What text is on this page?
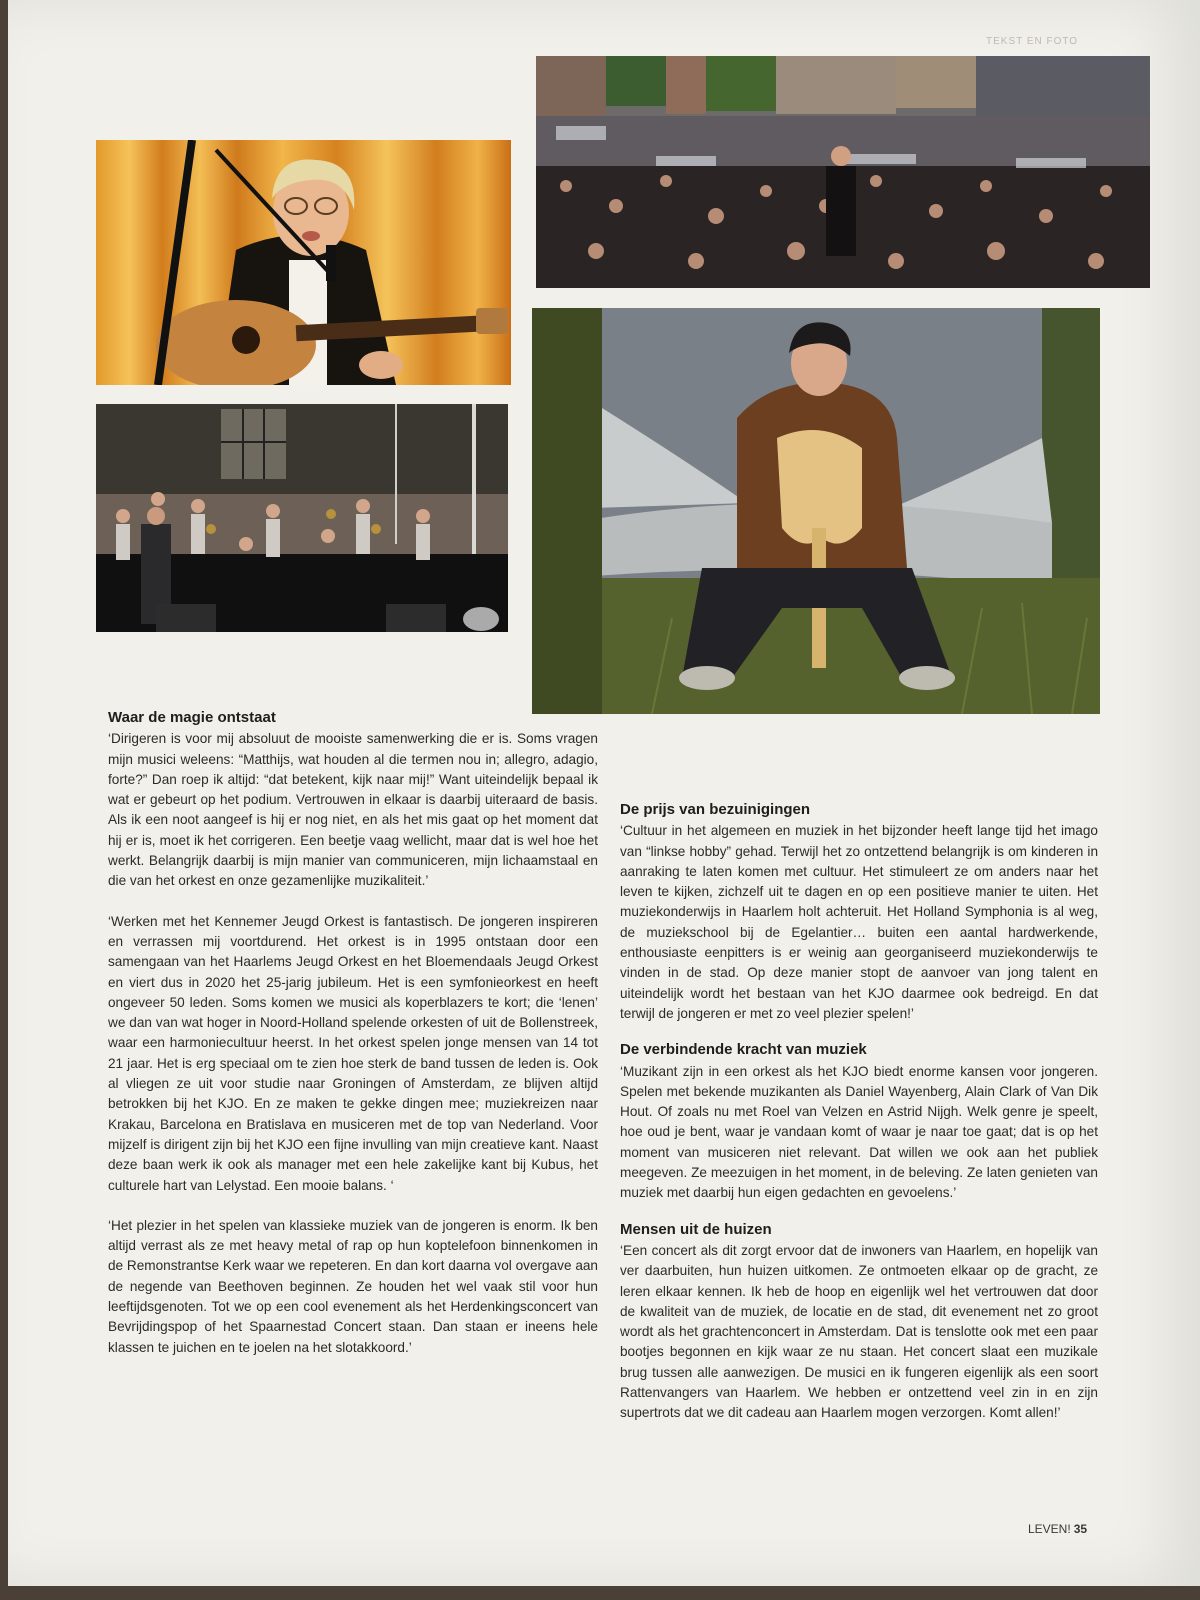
TEKST EN FOTO
Waar de magie ontstaat

‘Dirigeren is voor mij absoluut de mooiste samenwerking die er is. Soms vragen mijn musici weleens: “Matthijs, wat houden al die termen nou in; allegro, adagio, forte?” Dan roep ik altijd: “dat betekent, kijk naar mij!” Want uiteindelijk bepaal ik wat er gebeurt op het podium. Vertrouwen in elkaar is daarbij uiteraard de basis. Als ik een noot aangeef is hij er nog niet, en als het mis gaat op het moment dat hij er is, moet ik het corrigeren. Een beetje vaag wellicht, maar dat is wel hoe het werkt. Belangrijk daarbij is mijn manier van communiceren, mijn lichaamstaal en die van het orkest en onze gezamenlijke muzikaliteit.’

‘Werken met het Kennemer Jeugd Orkest is fantastisch. De jongeren inspireren en verrassen mij voortdurend. Het orkest is in 1995 ontstaan door een samengaan van het Haarlems Jeugd Orkest en het Bloemendaals Jeugd Orkest en viert dus in 2020 het 25-jarig jubileum. Het is een symfonieorkest en heeft ongeveer 50 leden. Soms komen we musici als koperblazers te kort; die ‘lenen’ we dan van wat hoger in Noord-Holland spelende orkesten of uit de Bollenstreek, waar een harmoniecultuur heerst. In het orkest spelen jonge mensen van 14 tot 21 jaar. Het is erg speciaal om te zien hoe sterk de band tussen de leden is. Ook al vliegen ze uit voor studie naar Groningen of Amsterdam, ze blijven altijd betrokken bij het KJO. En ze maken te gekke dingen mee; muziekreizen naar Krakau, Barcelona en Bratislava en musiceren met de top van Nederland. Voor mijzelf is dirigent zijn bij het KJO een fijne invulling van mijn creatieve kant. Naast deze baan werk ik ook als manager met een hele zakelijke kant bij Kubus, het culturele hart van Lelystad. Een mooie balans. ‘

‘Het plezier in het spelen van klassieke muziek van de jongeren is enorm. Ik ben altijd verrast als ze met heavy metal of rap op hun koptelefoon binnenkomen in de Remonstrantse Kerk waar we repeteren. En dan kort daarna vol overgave aan de negende van Beethoven beginnen. Ze houden het wel vaak stil voor hun leeftijdsgenoten. Tot we op een cool evenement als het Herdenkingsconcert van Bevrijdingspop of het Spaarnestad Concert staan. Dan staan er ineens hele klassen te juichen en te joelen na het slotakkoord.’

De prijs van bezuinigingen

‘Cultuur in het algemeen en muziek in het bijzonder heeft lange tijd het imago van “linkse hobby” gehad. Terwijl het zo ontzettend belangrijk is om kinderen in aanraking te laten komen met cultuur. Het stimuleert ze om anders naar het leven te kijken, zichzelf uit te dagen en op een positieve manier te uiten. Het muziekonderwijs in Haarlem holt achteruit. Het Holland Symphonia is al weg, de muziekschool bij de Egelantier… buiten een aantal hardwerkende, enthousiaste eenpitters is er weinig aan georganiseerd muziekonderwijs te vinden in de stad. Op deze manier stopt de aanvoer van jong talent en uiteindelijk wordt het bestaan van het KJO daarmee ook bedreigd. En dat terwijl de jongeren er met zo veel plezier spelen!’

De verbindende kracht van muziek

‘Muzikant zijn in een orkest als het KJO biedt enorme kansen voor jongeren. Spelen met bekende muzikanten als Daniel Wayenberg, Alain Clark of Van Dik Hout. Of zoals nu met Roel van Velzen en Astrid Nijgh. Welk genre je speelt, hoe oud je bent, waar je vandaan komt of waar je naar toe gaat; dat is op het moment van musiceren niet relevant. Dat willen we ook aan het publiek meegeven. Ze meezuigen in het moment, in de beleving. Ze laten genieten van muziek met daarbij hun eigen gedachten en gevoelens.’

Mensen uit de huizen

‘Een concert als dit zorgt ervoor dat de inwoners van Haarlem, en hopelijk van ver daarbuiten, hun huizen uitkomen. Ze ontmoeten elkaar op de gracht, ze leren elkaar kennen. Ik heb de hoop en eigenlijk wel het vertrouwen dat door de kwaliteit van de muziek, de locatie en de stad, dit evenement net zo groot wordt als het grachtenconcert in Amsterdam. Dat is tenslotte ook met een paar bootjes begonnen en kijk waar ze nu staan. Het concert slaat een muzikale brug tussen alle aanwezigen. De musici en ik fungeren eigenlijk als een soort Rattenvangers van Haarlem. We hebben er ontzettend veel zin in en zijn supertrots dat we dit cadeau aan Haarlem mogen verzorgen. Komt allen!’

LEVEN! 35
